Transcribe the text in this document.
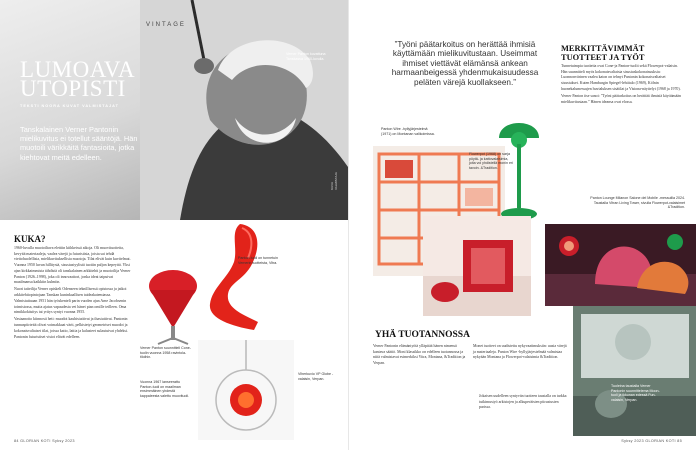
VINTAGE
LUMOAVA
UTOPISTI
TEKSTI NOORA KUVAT VALMISTAJAT
Tanskalainen Verner Pantonin mielikuvitus ei totellut sääntöjä. Hän muotoili värikkäitä fantasioita, jotka kiehtovat meitä edelleen.
Verner Panton kuvattuna Tanskassa 1960-luvulla.
KUVA VALMISTAJA
KUKA?

1960-luvulla muotoiltava elettiin kiihkeissä aikoja. Oli muovituotteita, kevyitä materiaaleja, vaalea värejä ja futuristisia, joista sai tehdä viettohuolellisia, mielikuvituksellisia muotoja. Tilat elivät kuin kuvitelmat. Vuonna 1950 luvun hillitystä, sisustustyylistä tuotiin paljon kepeyttä. Yksi ajan kirkkaimmista tähdistä oli tanskalainen arkkitehti ja muotoilija Verner Panton (1926–1998), joka oli innovaattori, jonka ideat taipuivat maailmansa kaikkiin kulmiin.

Nuori taiteilija Verner opiskeli Odenseen teknillisessä opistossa ja jatkoi arkkitehtiopintojaan Tanskan kuninkaallisen taideakatemiassa. Valmistuttuaan 1951 hän työskenteli parin vuoden ajan Arne Jacobsenin toimistossa, mutta ajatus vapaudesta vei hänet pian omille teilleen. Oma nimikkokäsitys tai yritys syntyi vuonna 1955.

Vastaanotto kiinnosti heti: muodot kauhistuttivat ja ihastuttivat. Pantonin tunnuspiirteitä olivat voimakkaat värit, pelkistetyt geometriset muodot ja kokonaisvaltaiset tilat, joissa katto, lattia ja kalusteet sulautuivat yhdeksi. Pantonin futuristiset visiot elävät edelleen.

Panton-tuoli on tunnetuin Vernerin tuotteista, Vitra.
Verner Panton suunnitteli Cone-tuolin vuonna 1958 ravintola-tiloihin.
Vuonna 1967 lanseerattu Panton-tuoli on maailman ensimmäinen yhdestä kappaleesta valettu muovituoli.
Viherkuvio VP Globe -valaisin, Verpan.
84 GLORIAN KOTI Syksy 2023
”Työni päätarkoitus on herättää ihmisiä käyttämään mielikuvitustaan. Useimmat ihmiset viettävät elämänsä ankean harmaanbeigessä yhdenmukaisuudessa peläten värejä kuollakseen.”
Panton Wire -hyllyjärjestelmä (1971) on Montanan valikoimissa.
Flowerpot (1968) on sarja pöytä- ja kattovalaisimia, joita voi yhdistellä monin eri tavoin. &Tradition.
MERKITTÄVIMMÄT TUOTTEET JA TYÖT

Tunnetuimpia tuotteita ovat Cone-ja Panton-tuolit sekä Flowerpot-valaisin. Hän suunnitteli myös kokonaisvaltaisia sisustuskokonaisuuksia: Luonnonvärinen vaalea katon on tehnyt Pantonin kokonaisvaltaiset sisustukset. Kuten Hamburgin Spiegel-lehtitalo (1969), Kölnin huonekalumessujen huvialuksen sisätilat ja Visiona-näyttelyt (1968 ja 1970).

Verner Panton itse sanoi: ”Työni päätarkoitus on herättää ihmisiä käyttämään mielikuvitustaan.” Hänen ideansa ovat elossa.

Panton Lounge Milanon Salone del Mobile -messuilla 2024. Taustalla Vitran Living Tower, sivulla Flowerpot-valaisimet &Tradition.
Tuoleina taustalla Verner Pantonin suunnittelema Moon-tuoli ja ikkunan edessä Fun-valaisin, Verpan.
YHÄ TUOTANNOSSA
Verner Pantonin elämäntyötä ylläpitää hänen nimensä kantava säätiö. Moni klassikko on edelleen tuotannossa ja niitä valmistavat esimerkiksi Vitra, Montana, &Tradition ja Verpan.
Monet tuotteet on uudistettu nykyvaatimuksiin: uusia värejä ja materiaaleja. Panton Wire -hyllyjärjestelmää valmistaa nykyään Montana ja Flowerpot-valaisimia &Tradition.
Jokaisen uudelleen syntyvän tuotteen taustalla on tarkka tutkimustyö arkistojen ja alkuperäisten piirustusten parissa.
Syksy 2023 GLORIAN KOTI 85
